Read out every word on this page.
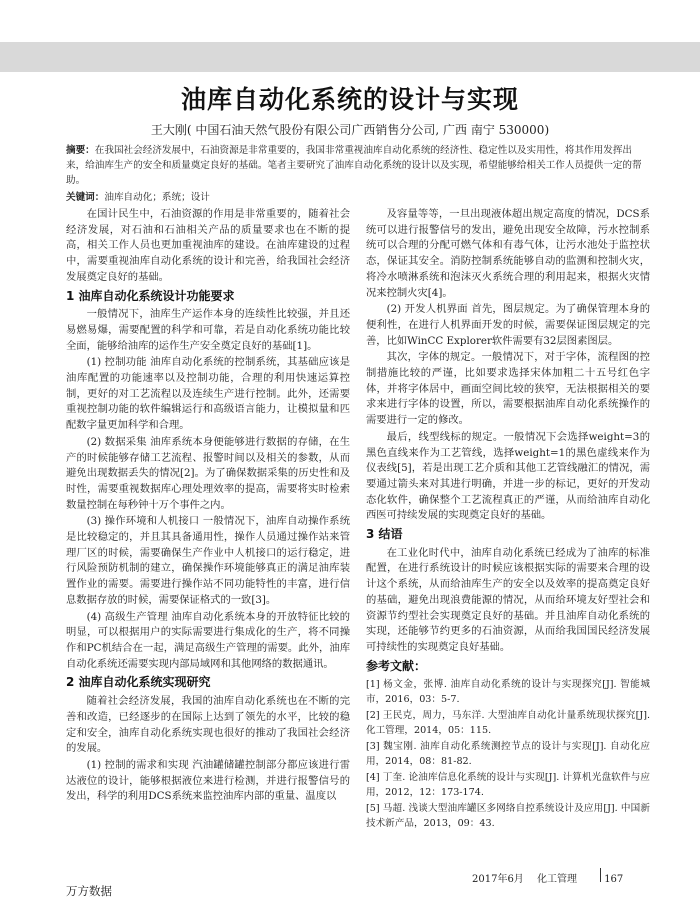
油库自动化系统的设计与实现
王大刚( 中国石油天然气股份有限公司广西销售分公司, 广西 南宁 530000)
摘要：在我国社会经济发展中，石油资源是非常重要的，我国非常重视油库自动化系统的经济性、稳定性以及实用性，将其作用发挥出来，给油库生产的安全和质量奠定良好的基础。笔者主要研究了油库自动化系统的设计以及实现，希望能够给相关工作人员提供一定的帮助。
关键词：油库自动化；系统；设计

在国计民生中，石油资源的作用是非常重要的，随着社会经济发展，对石油和石油相关产品的质量要求也在不断的提高，相关工作人员也更加重视油库的建设。在油库建设的过程中，需要重视油库自动化系统的设计和完善，给我国社会经济发展奠定良好的基础。

1 油库自动化系统设计功能要求

一般情况下，油库生产运作本身的连续性比较强，并且还易燃易爆，需要配置的科学和可靠，若是自动化系统功能比较全面，能够给油库的运作生产安全奠定良好的基础[1]。

(1) 控制功能 油库自动化系统的控制系统，其基础应该是油库配置的功能速率以及控制功能，合理的利用快速运算控制，更好的对工艺流程以及连续生产进行控制。此外，还需要重视控制功能的软件编辑运行和高级语言能力，让模拟量和匹配数字量更加科学和合理。

(2) 数据采集 油库系统本身便能够进行数据的存储，在生产的时候能够存储工艺流程、报警时间以及相关的参数，从而避免出现数据丢失的情况[2]。为了确保数据采集的历史性和及时性，需要重视数据库心理处理效率的提高，需要将实时检索数量控制在每秒钟十万个事件之内。

(3) 操作环境和人机接口 一般情况下，油库自动操作系统是比较稳定的，并且其具备通用性，操作人员通过操作站来管理厂区的时候，需要确保生产作业中人机接口的运行稳定，进行风险预防机制的建立，确保操作环境能够真正的满足油库装置作业的需要。需要进行操作站不同功能特性的丰富，进行信息数据存放的时候，需要保证格式的一致[3]。

(4) 高级生产管理 油库自动化系统本身的开放特征比较的明显，可以根据用户的实际需要进行集成化的生产，将不同操作和PC机结合在一起，满足高级生产管理的需要。此外，油库自动化系统还需要实现内部局域网和其他网络的数据通讯。

2 油库自动化系统实现研究

随着社会经济发展，我国的油库自动化系统也在不断的完善和改造，已经逐步的在国际上达到了领先的水平，比较的稳定和安全，油库自动化系统实现也很好的推动了我国社会经济的发展。

(1) 控制的需求和实现 汽油罐储罐控制部分都应该进行雷达液位的设计，能够根据液位来进行检测，并进行报警信号的发出，科学的利用DCS系统来监控油库内部的重量、温度以

及容量等等，一旦出现液体超出规定高度的情况，DCS系统可以进行报警信号的发出，避免出现安全故障，污水控制系统可以合理的分配可燃气体和有毒气体，让污水池处于监控状态，保证其安全。消防控制系统能够自动的监测和控制火灾，将冷水喷淋系统和泡沫灭火系统合理的利用起来，根据火灾情况来控制火灾[4]。

(2) 开发人机界面 首先，图层规定。为了确保管理本身的便利性，在进行人机界面开发的时候，需要保证图层规定的完善，比如WinCC Explorer软件需要有32层图素图层。

其次，字体的规定。一般情况下，对于字体，流程图的控制措施比较的严谨，比如要求选择宋体加粗二十五号红色字体，并将字体居中，画面空间比较的狭窄，无法根据相关的要求来进行字体的设置，所以，需要根据油库自动化系统操作的需要进行一定的修改。

最后，线型线标的规定。一般情况下会选择weight=3的黑色直线来作为工艺管线，选择weight=1的黑色虚线来作为仪表线[5]，若是出现工艺介质和其他工艺管线融汇的情况，需要通过箭头来对其进行明确，并进一步的标记，更好的开发动态化软件，确保整个工艺流程真正的严谨，从而给油库自动化西医可持续发展的实现奠定良好的基础。

3 结语

在工业化时代中，油库自动化系统已经成为了油库的标准配置，在进行系统设计的时候应该根据实际的需要来合理的设计这个系统，从而给油库生产的安全以及效率的提高奠定良好的基础，避免出现浪费能源的情况，从而给环境友好型社会和资源节约型社会实现奠定良好的基础。并且油库自动化系统的实现，还能够节约更多的石油资源，从而给我国国民经济发展可持续性的实现奠定良好基础。

参考文献：

[1] 杨文金，张博. 油库自动化系统的设计与实现探究[J]. 智能城市，2016，03：5-7.

[2] 王民克，周力，马东洋. 大型油库自动化计量系统现状探究[J]. 化工管理，2014，05：115.

[3] 魏宝刚. 油库自动化系统测控节点的设计与实现[J]. 自动化应用，2014，08：81-82.

[4] 丁奎. 论油库信息化系统的设计与实现[J]. 计算机光盘软件与应用，2012，12：173-174.

[5] 马超. 浅谈大型油库罐区多网络自控系统设计及应用[J]. 中国新技术新产品，2013，09：43.

2017年6月 化工管理	167
万方数据
